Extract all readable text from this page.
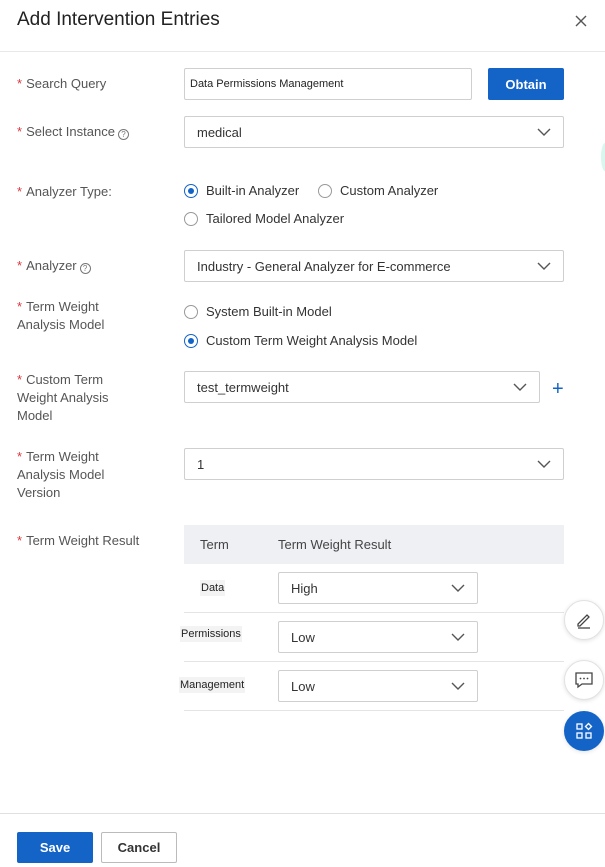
Add Intervention Entries
* Search Query	Data Permissions Management	Obtain
* Select Instance ?	medical
* Analyzer Type:	Built-in Analyzer	Custom Analyzer
Tailored Model Analyzer
* Analyzer ?	Industry - General Analyzer for E-commerce
* Term Weight
Analysis Model
System Built-in Model
Custom Term Weight Analysis Model
* Custom Term
Weight Analysis
Model
test_termweight	+
* Term Weight
Analysis Model
Version
1
* Term Weight Result	Term	Term Weight Result
Data	High
Permissions	Low
Management	Low
Save	Cancel
